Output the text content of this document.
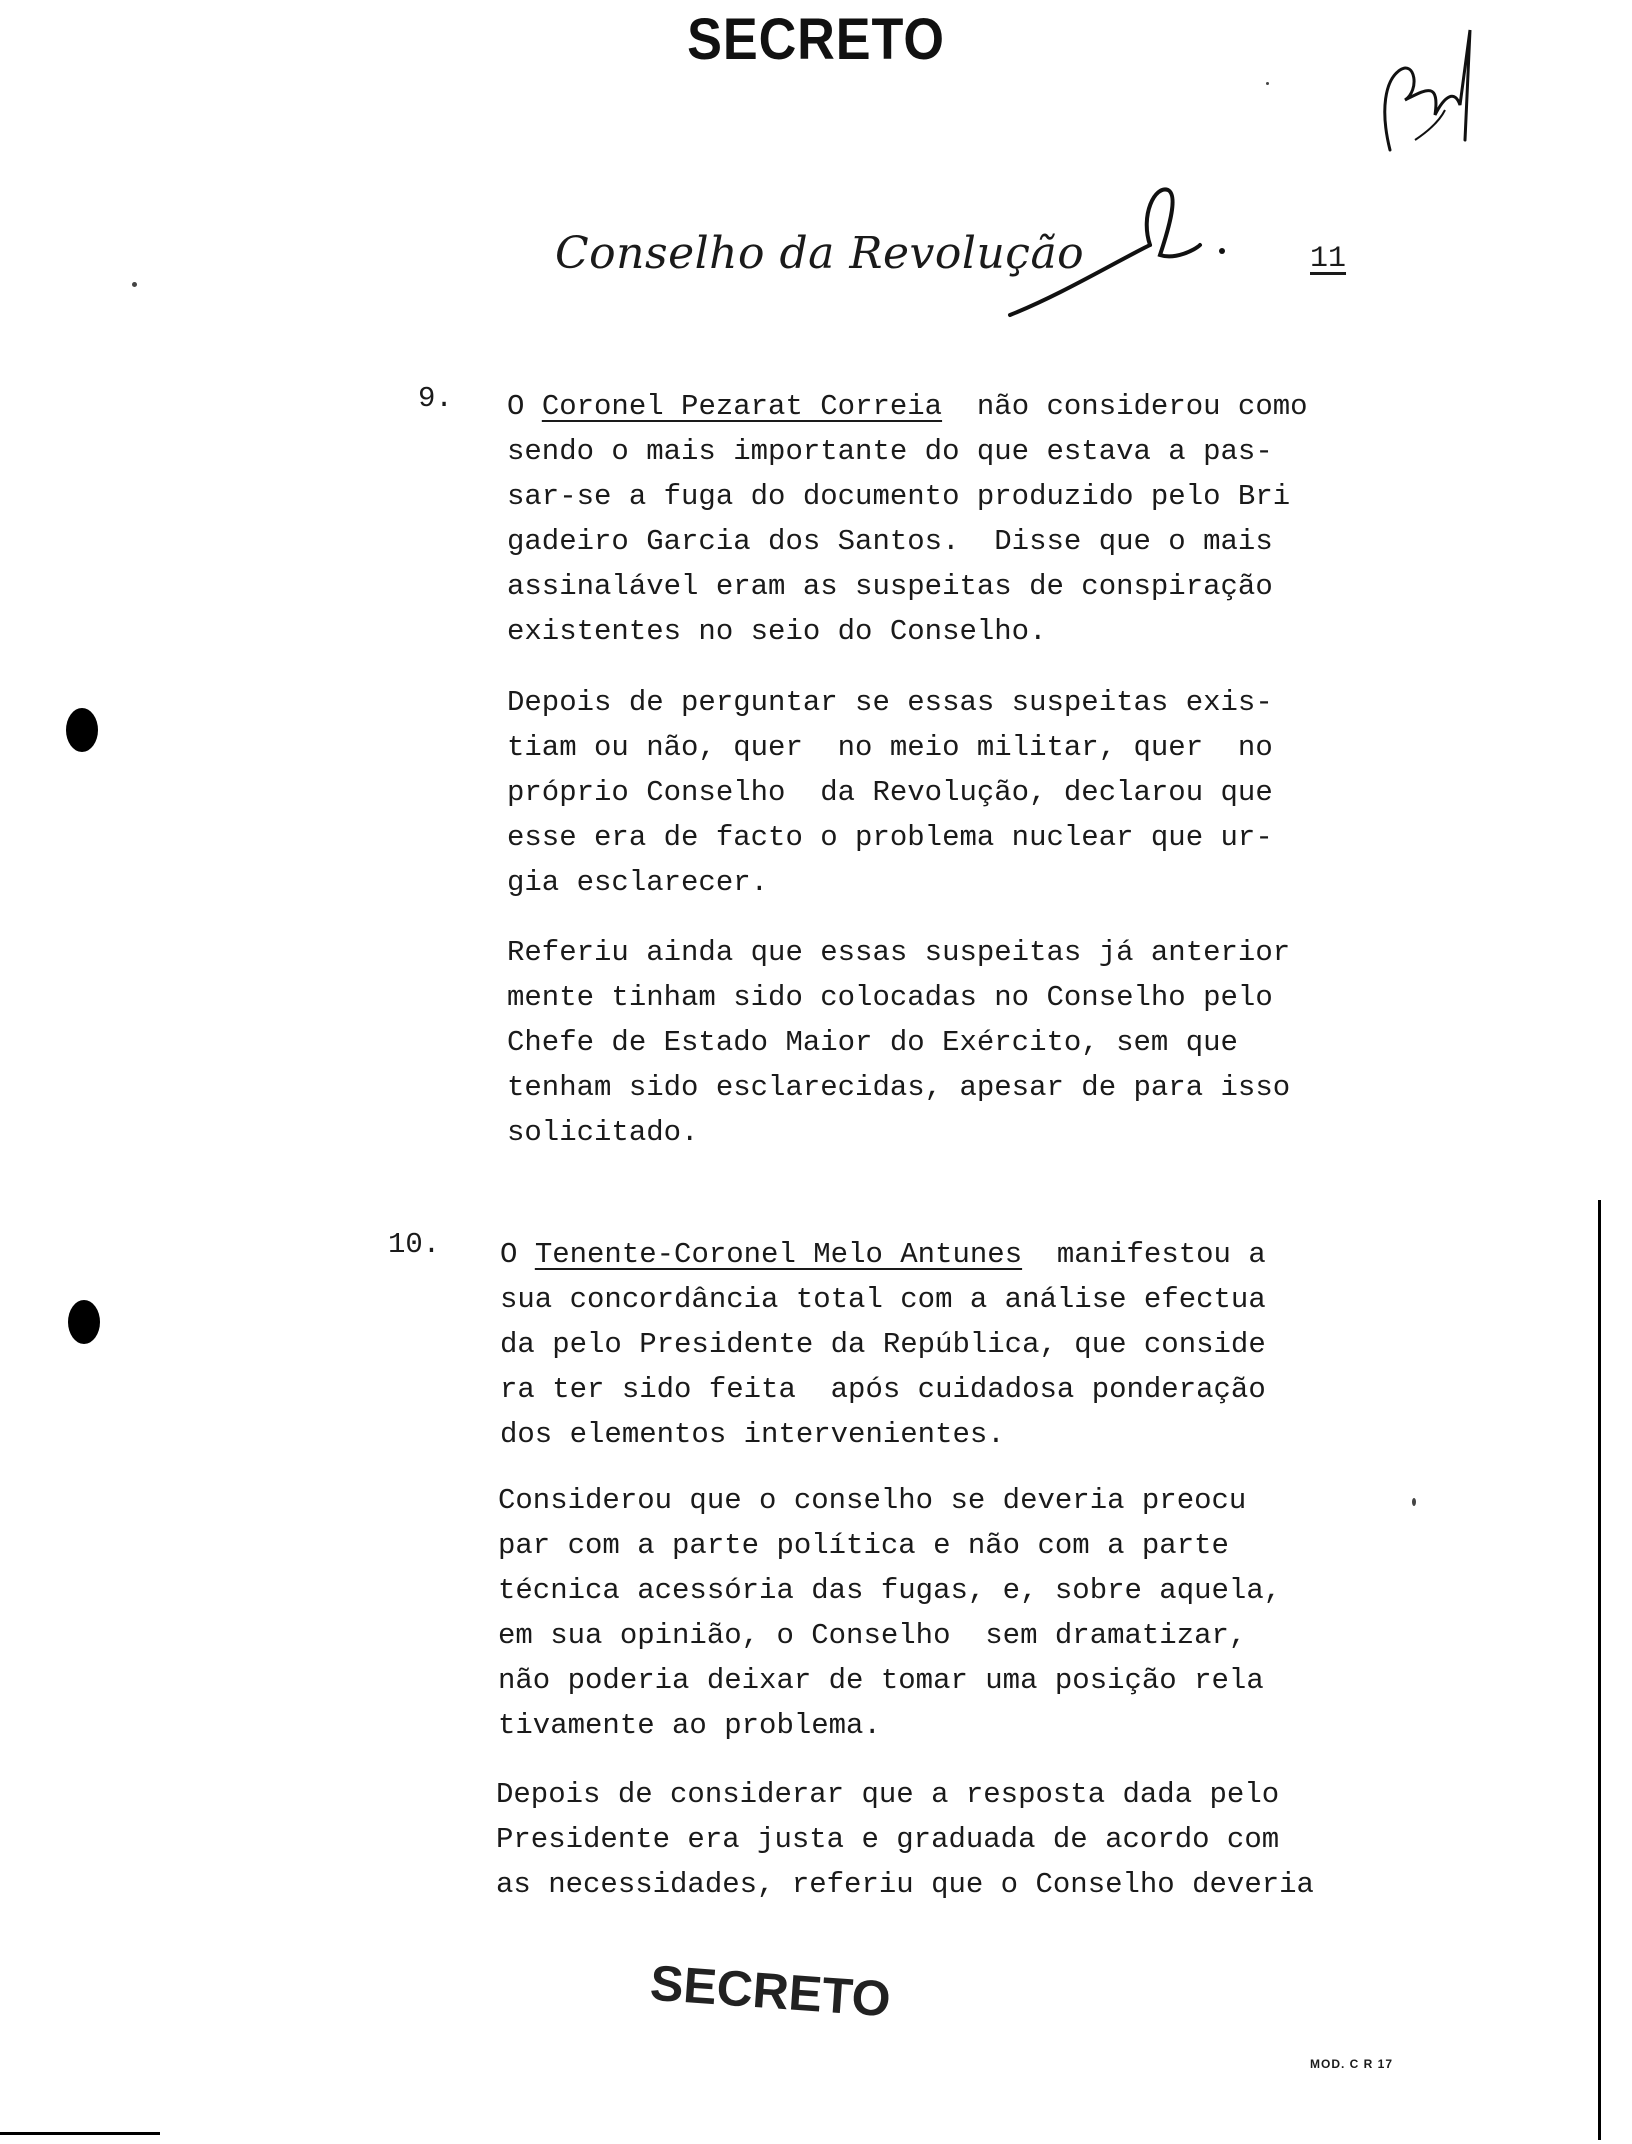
SECRETO
Conselho da Revolução	11
9. O Coronel Pezarat Correia  não considerou como
sendo o mais importante do que estava a pas-
sar-se a fuga do documento produzido pelo Bri
gadeiro Garcia dos Santos.  Disse que o mais
assinalável eram as suspeitas de conspiração
existentes no seio do Conselho.
Depois de perguntar se essas suspeitas exis-
tiam ou não, quer  no meio militar, quer  no
próprio Conselho  da Revolução, declarou que
esse era de facto o problema nuclear que ur-
gia esclarecer.
Referiu ainda que essas suspeitas já anterior
mente tinham sido colocadas no Conselho pelo
Chefe de Estado Maior do Exército, sem que
tenham sido esclarecidas, apesar de para isso
solicitado.
10. O Tenente-Coronel Melo Antunes  manifestou a
sua concordância total com a análise efectua
da pelo Presidente da República, que conside
ra ter sido feita  após cuidadosa ponderação
dos elementos intervenientes.
Considerou que o conselho se deveria preocu
par com a parte política e não com a parte
técnica acessória das fugas, e, sobre aquela,
em sua opinião, o Conselho  sem dramatizar,
não poderia deixar de tomar uma posição rela
tivamente ao problema.
Depois de considerar que a resposta dada pelo
Presidente era justa e graduada de acordo com
as necessidades, referiu que o Conselho deveria
SECRETO
MOD. C R 17
